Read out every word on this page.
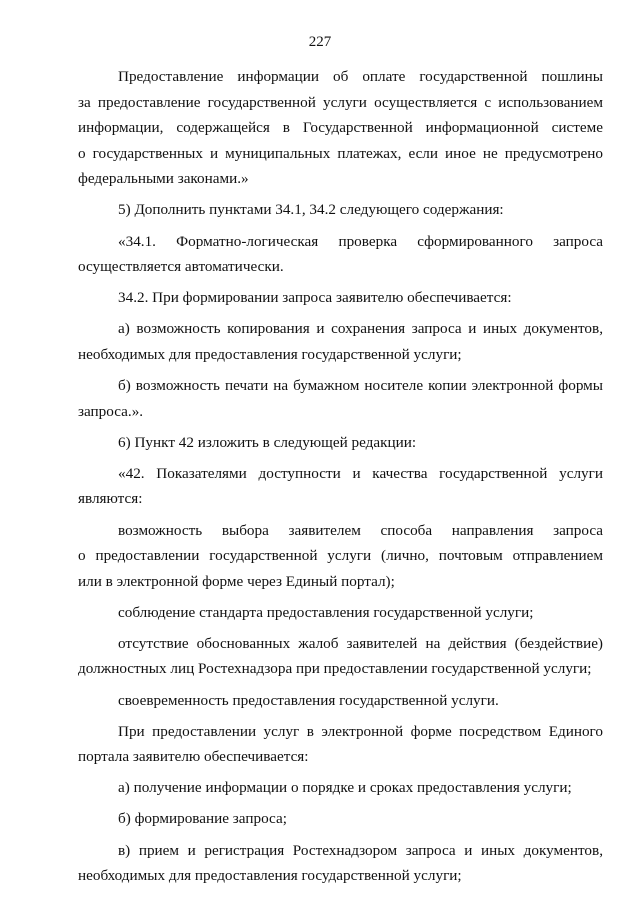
227
Предоставление информации об оплате государственной пошлины
за предоставление государственной услуги осуществляется с использованием
информации, содержащейся в Государственной информационной системе
о государственных и муниципальных платежах, если иное не предусмотрено
федеральными законами.»
5) Дополнить пунктами 34.1, 34.2 следующего содержания:
«34.1. Форматно-логическая проверка сформированного запроса
осуществляется автоматически.
34.2. При формировании запроса заявителю обеспечивается:
а) возможность копирования и сохранения запроса и иных документов,
необходимых для предоставления государственной услуги;
б) возможность печати на бумажном носителе копии электронной формы
запроса.».
6) Пункт 42 изложить в следующей редакции:
«42. Показателями доступности и качества государственной услуги
являются:
возможность выбора заявителем способа направления запроса
о предоставлении государственной услуги (лично, почтовым отправлением
или в электронной форме через Единый портал);
соблюдение стандарта предоставления государственной услуги;
отсутствие обоснованных жалоб заявителей на действия (бездействие)
должностных лиц Ростехнадзора при предоставлении государственной услуги;
своевременность предоставления государственной услуги.
При предоставлении услуг в электронной форме посредством Единого
портала заявителю обеспечивается:
а) получение информации о порядке и сроках предоставления услуги;
б) формирование запроса;
в) прием и регистрация Ростехнадзором запроса и иных документов,
необходимых для предоставления государственной услуги;
